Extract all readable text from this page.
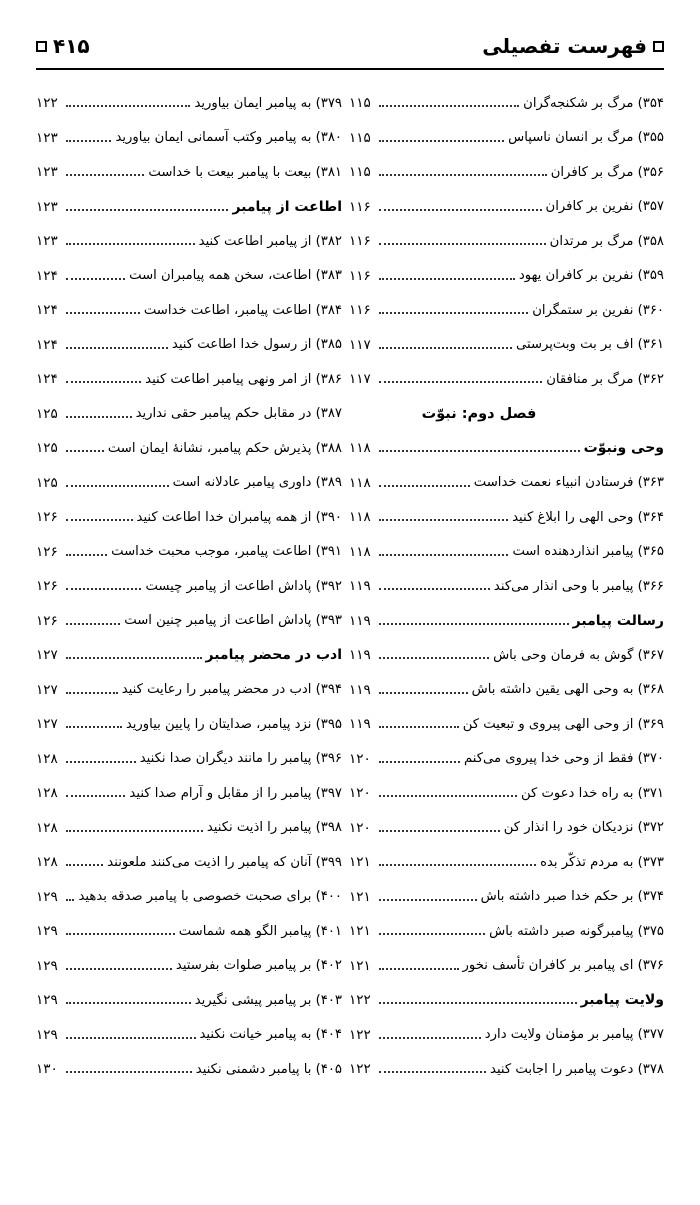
فهرست تفصیلی
۴۱۵
۳۵۴) مرگ بر شکنجه‌گران
۱۱۵
۳۵۵) مرگ بر انسان ناسپاس
۱۱۵
۳۵۶) مرگ بر کافران
۱۱۵
۳۵۷) نفرین بر کافران
۱۱۶
۳۵۸) مرگ بر مرتدان
۱۱۶
۳۵۹) نفرین بر کافران یهود
۱۱۶
۳۶۰) نفرین بر ستمگران
۱۱۶
۳۶۱) اف بر بت وبت‌پرستی
۱۱۷
۳۶۲) مرگ بر منافقان
۱۱۷
فصل دوم: نبوّت
وحی ونبوّت
۱۱۸
۳۶۳) فرستادن انبیاء نعمت خداست
۱۱۸
۳۶۴) وحی الهی را ابلاغ کنید
۱۱۸
۳۶۵) پیامبر انذاردهنده است
۱۱۸
۳۶۶) پیامبر با وحی انذار می‌کند
۱۱۹
رسالت پیامبر
۱۱۹
۳۶۷) گوش به فرمان وحی باش
۱۱۹
۳۶۸) به وحی الهی یقین داشته باش
۱۱۹
۳۶۹) از وحی الهی پیروی و تبعیت کن
۱۱۹
۳۷۰) فقط از وحی خدا پیروی می‌کنم
۱۲۰
۳۷۱) به راه خدا دعوت کن
۱۲۰
۳۷۲) نزدیکان خود را انذار کن
۱۲۰
۳۷۳) به مردم تذکّر بده
۱۲۱
۳۷۴) بر حکم خدا صبر داشته باش
۱۲۱
۳۷۵) پیامبرگونه صبر داشته باش
۱۲۱
۳۷۶) ای پیامبر بر کافران تأسف نخور
۱۲۱
ولایت پیامبر
۱۲۲
۳۷۷) پیامبر بر مؤمنان ولایت دارد
۱۲۲
۳۷۸) دعوت پیامبر را اجابت کنید
۱۲۲
۳۷۹) به پیامبر ایمان بیاورید
۱۲۲
۳۸۰) به پیامبر وکتب آسمانی ایمان بیاورید
۱۲۳
۳۸۱) بیعت با پیامبر بیعت با خداست
۱۲۳
اطاعت از پیامبر
۱۲۳
۳۸۲) از پیامبر اطاعت کنید
۱۲۳
۳۸۳) اطاعت، سخن همه پیامبران است
۱۲۴
۳۸۴) اطاعت پیامبر، اطاعت خداست
۱۲۴
۳۸۵) از رسول خدا اطاعت کنید
۱۲۴
۳۸۶) از امر ونهی پیامبر اطاعت کنید
۱۲۴
۳۸۷) در مقابل حکم پیامبر حقی ندارید
۱۲۵
۳۸۸) پذیرش حکم پیامبر، نشانهٔ ایمان است
۱۲۵
۳۸۹) داوری پیامبر عادلانه است
۱۲۵
۳۹۰) از همه پیامبران خدا اطاعت کنید
۱۲۶
۳۹۱) اطاعت پیامبر، موجب محبت خداست
۱۲۶
۳۹۲) پاداش اطاعت از پیامبر چیست
۱۲۶
۳۹۳) پاداش اطاعت از پیامبر چنین است
۱۲۶
ادب در محضر پیامبر
۱۲۷
۳۹۴) ادب در محضر پیامبر را رعایت کنید
۱۲۷
۳۹۵) نزد پیامبر، صدایتان را پایین بیاورید
۱۲۷
۳۹۶) پیامبر را مانند دیگران صدا نکنید
۱۲۸
۳۹۷) پیامبر را از مقابل و آرام صدا کنید
۱۲۸
۳۹۸) پیامبر را اذیت نکنید
۱۲۸
۳۹۹) آنان که پیامبر را اذیت می‌کنند ملعونند
۱۲۸
۴۰۰) برای صحبت خصوصی با پیامبر صدقه بدهید
۱۲۹
۴۰۱) پیامبر الگو همه شماست
۱۲۹
۴۰۲) بر پیامبر صلوات بفرستید
۱۲۹
۴۰۳) بر پیامبر پیشی نگیرید
۱۲۹
۴۰۴) به پیامبر خیانت نکنید
۱۲۹
۴۰۵) با پیامبر دشمنی نکنید
۱۳۰
